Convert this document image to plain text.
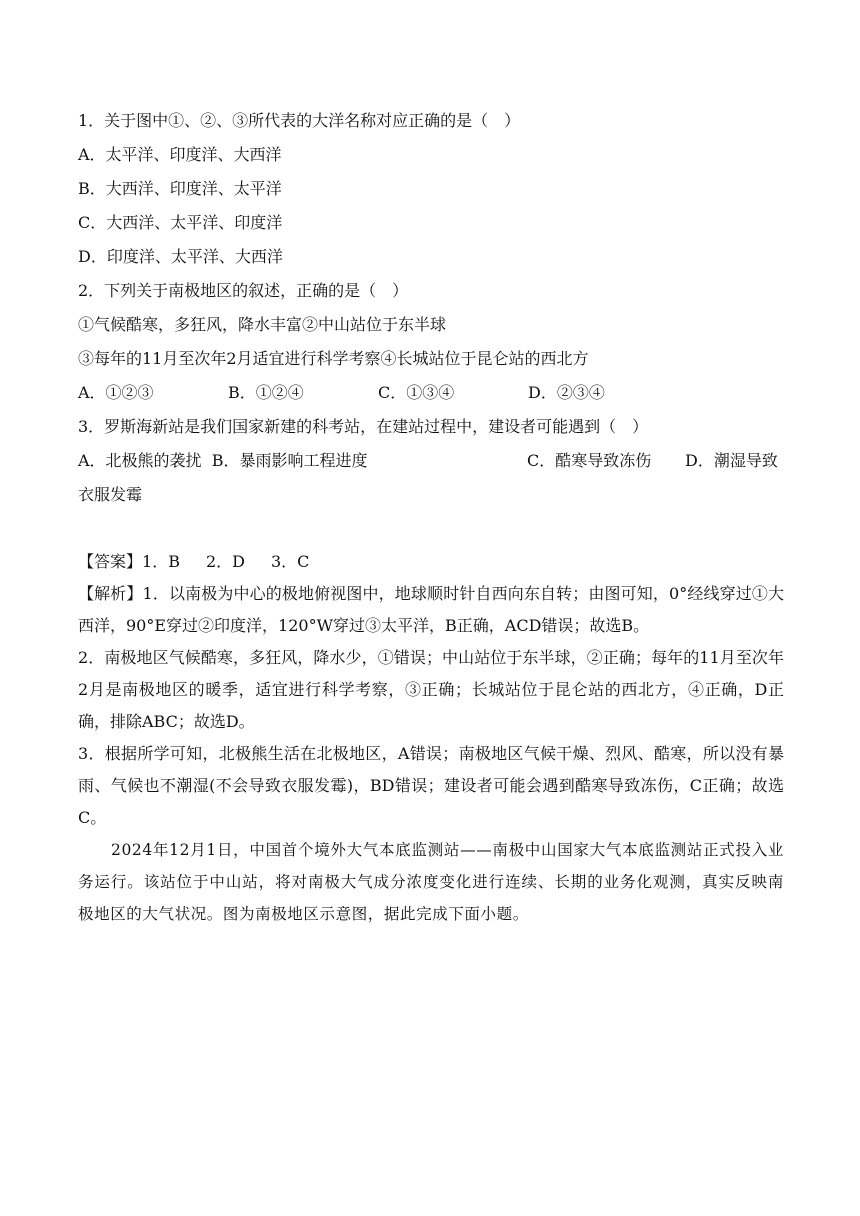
1．关于图中①、②、③所代表的大洋名称对应正确的是（　）
A．太平洋、印度洋、大西洋
B．大西洋、印度洋、太平洋
C．大西洋、太平洋、印度洋
D．印度洋、太平洋、大西洋
2．下列关于南极地区的叙述，正确的是（　）
①气候酷寒，多狂风，降水丰富②中山站位于东半球
③每年的11月至次年2月适宜进行科学考察④长城站位于昆仑站的西北方
A．①②③	B．①②④	C．①③④	D．②③④
3．罗斯海新站是我们国家新建的科考站，在建站过程中，建设者可能遇到（　）
A．北极熊的袭扰 B．暴雨影响工程进度	C．酷寒导致冻伤	D．潮湿导致
衣服发霉
【答案】1．B 2．D 3．C
【解析】1．以南极为中心的极地俯视图中，地球顺时针自西向东自转；由图可知，0°经线穿过①大西洋，90°E穿过②印度洋，120°W穿过③太平洋，B正确，ACD错误；故选B。
2．南极地区气候酷寒，多狂风，降水少，①错误；中山站位于东半球，②正确；每年的11月至次年2月是南极地区的暖季，适宜进行科学考察，③正确；长城站位于昆仑站的西北方，④正确，D正确，排除ABC；故选D。
3．根据所学可知，北极熊生活在北极地区，A错误；南极地区气候干燥、烈风、酷寒，所以没有暴雨、气候也不潮湿(不会导致衣服发霉)，BD错误；建设者可能会遇到酷寒导致冻伤，C正确；故选C。
2024年12月1日，中国首个境外大气本底监测站——南极中山国家大气本底监测站正式投入业务运行。该站位于中山站，将对南极大气成分浓度变化进行连续、长期的业务化观测，真实反映南极地区的大气状况。图为南极地区示意图，据此完成下面小题。
